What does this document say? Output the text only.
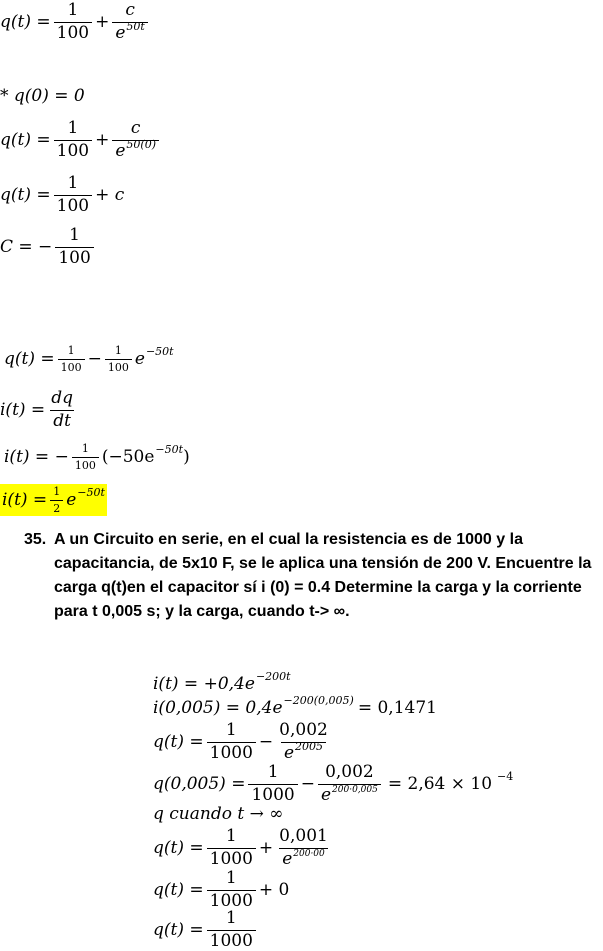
$q(t) = \frac{1}{100} + \frac{c}{e^{50t}}$
* q(0) = 0
$q(t) = \frac{1}{100} + \frac{c}{e^{50(0)}}$
$q(t) = \frac{1}{100} + c$
C = − $\frac{1}{100}$
$q(t) = \frac{1}{100} - \frac{1}{100}$ e −50t
$i(t) = \frac{dq}{dt}$
i(t) = − $\frac{1}{100} (-50e -50t$ )
$i(t) = \frac{1}{2}$ e −50t
35. A un Circuito en serie, en el cual la resistencia es de 1000 y la capacitancia, de 5x10 F, se le aplica una tensión de 200 V. Encuentre la carga q(t)en el capacitor sí i (0) = 0.4 Determine la carga y la corriente para t 0,005 s; y la carga, cuando t-> ∞.
i(t) = +0,4e −200t
i(0,005) = 0,4e −200(0,005) = 0,1471
$q(t) = \frac{1}{1000} - \frac{0,002}{e^{2005}}$
$q(0,005) = \frac{1}{1000} - \frac{0,002}{e^{200\cdot 0,005}} = 2,64 \times 10 -4$
q cuando t → ∞
$q(t) = \frac{1}{1000} + \frac{0,001}{e^{200\cdot 00}}$
$q(t) = \frac{1}{1000} + 0$
$q(t) = \frac{1}{1000}$
